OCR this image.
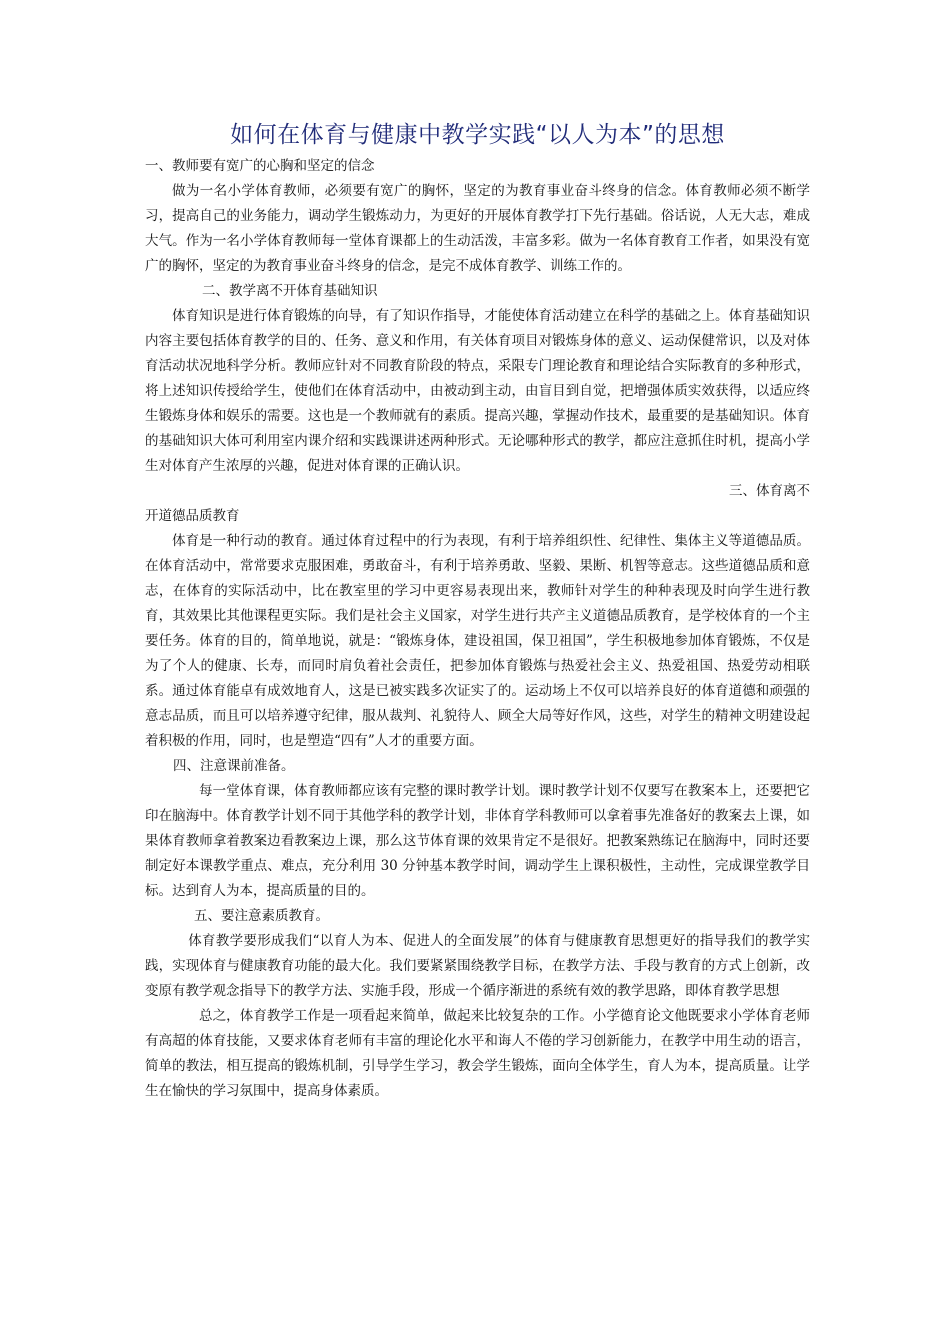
如何在体育与健康中教学实践“以人为本”的思想
一、教师要有宽广的心胸和坚定的信念

做为一名小学体育教师，必须要有宽广的胸怀，坚定的为教育事业奋斗终身的信念。体育教师必须不断学习，提高自己的业务能力，调动学生锻炼动力，为更好的开展体育教学打下先行基础。俗话说，人无大志，难成大气。作为一名小学体育教师每一堂体育课都上的生动活泼，丰富多彩。做为一名体育教育工作者，如果没有宽广的胸怀，坚定的为教育事业奋斗终身的信念，是完不成体育教学、训练工作的。

二、教学离不开体育基础知识

体育知识是进行体育锻炼的向导，有了知识作指导，才能使体育活动建立在科学的基础之上。体育基础知识内容主要包括体育教学的目的、任务、意义和作用，有关体育项目对锻炼身体的意义、运动保健常识，以及对体育活动状况地科学分析。教师应针对不同教育阶段的特点，采限专门理论教育和理论结合实际教育的多种形式，将上述知识传授给学生，使他们在体育活动中，由被动到主动，由盲目到自觉，把增强体质实效获得，以适应终生锻炼身体和娱乐的需要。这也是一个教师就有的素质。提高兴趣，掌握动作技术，最重要的是基础知识。体育的基础知识大体可利用室内课介绍和实践课讲述两种形式。无论哪种形式的教学，都应注意抓住时机，提高小学生对体育产生浓厚的兴趣，促进对体育课的正确认识。

三、体育离不
开道德品质教育

体育是一种行动的教育。通过体育过程中的行为表现，有利于培养组织性、纪律性、集体主义等道德品质。在体育活动中，常常要求克服困难，勇敢奋斗，有利于培养勇敢、坚毅、果断、机智等意志。这些道德品质和意志，在体育的实际活动中，比在教室里的学习中更容易表现出来，教师针对学生的种种表现及时向学生进行教育，其效果比其他课程更实际。我们是社会主义国家，对学生进行共产主义道德品质教育，是学校体育的一个主要任务。体育的目的，简单地说，就是：“锻炼身体，建设祖国，保卫祖国”，学生积极地参加体育锻炼，不仅是为了个人的健康、长寿，而同时肩负着社会责任，把参加体育锻炼与热爱社会主义、热爱祖国、热爱劳动相联系。通过体育能卓有成效地育人，这是已被实践多次证实了的。运动场上不仅可以培养良好的体育道德和顽强的意志品质，而且可以培养遵守纪律，服从裁判、礼貌待人、顾全大局等好作风，这些，对学生的精神文明建设起着积极的作用，同时，也是塑造“四有”人才的重要方面。

四、注意课前准备。

每一堂体育课，体育教师都应该有完整的课时教学计划。课时教学计划不仅要写在教案本上，还要把它印在脑海中。体育教学计划不同于其他学科的教学计划，非体育学科教师可以拿着事先准备好的教案去上课，如果体育教师拿着教案边看教案边上课，那么这节体育课的效果肯定不是很好。把教案熟练记在脑海中，同时还要制定好本课教学重点、难点，充分利用 30 分钟基本教学时间，调动学生上课积极性，主动性，完成课堂教学目标。达到育人为本，提高质量的目的。

五、要注意素质教育。

体育教学要形成我们“以育人为本、促进人的全面发展”的体育与健康教育思想更好的指导我们的教学实践，实现体育与健康教育功能的最大化。我们要紧紧围绕教学目标，在教学方法、手段与教育的方式上创新，改变原有教学观念指导下的教学方法、实施手段，形成一个循序渐进的系统有效的教学思路，即体育教学思想

总之，体育教学工作是一项看起来简单，做起来比较复杂的工作。小学德育论文他既要求小学体育老师有高超的体育技能，又要求体育老师有丰富的理论化水平和诲人不倦的学习创新能力，在教学中用生动的语言，简单的教法，相互提高的锻炼机制，引导学生学习，教会学生锻炼，面向全体学生，育人为本，提高质量。让学生在愉快的学习氛围中，提高身体素质。
